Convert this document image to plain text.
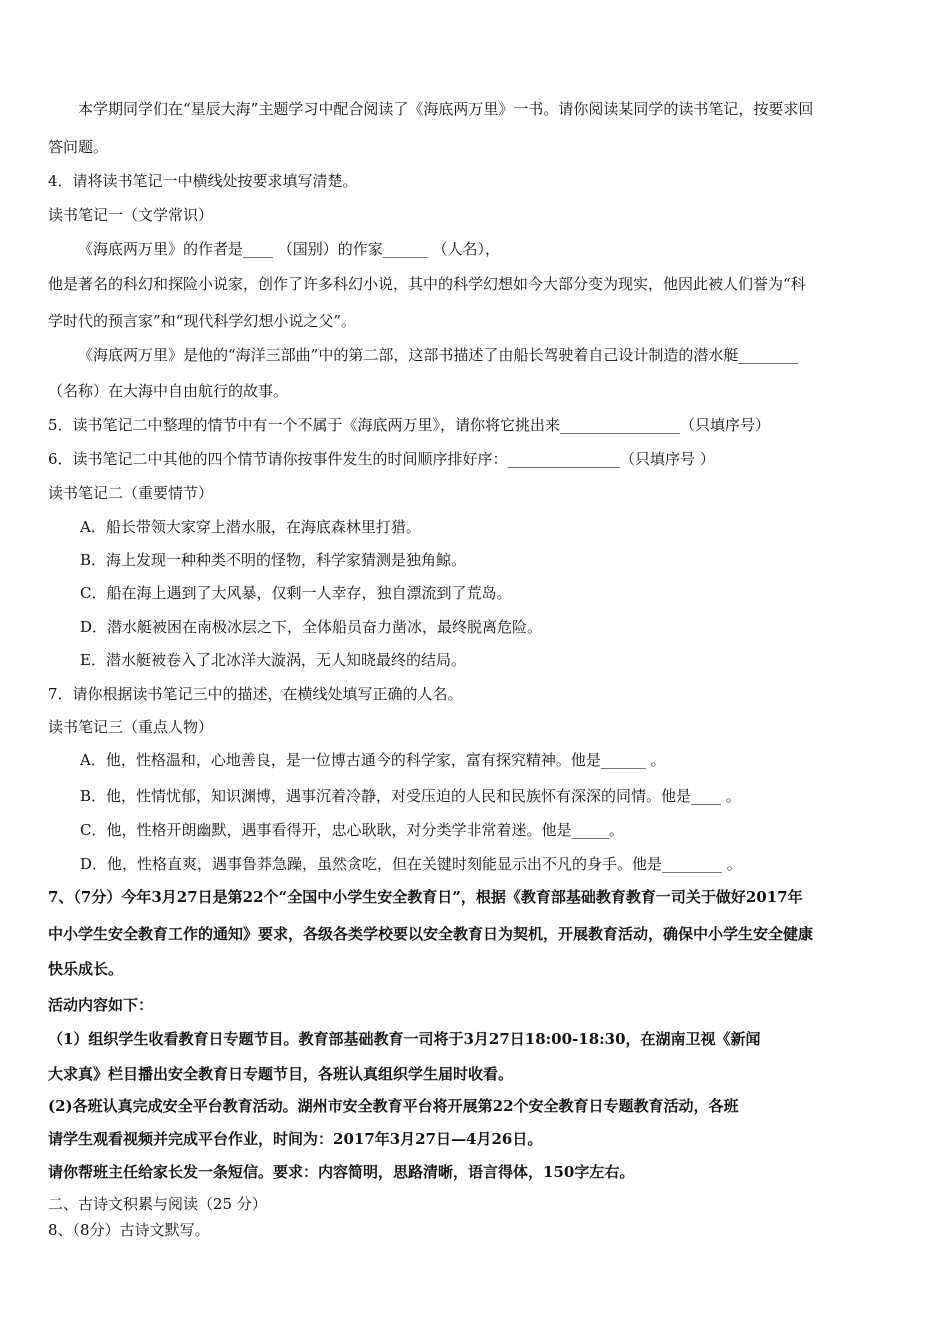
本学期同学们在“星辰大海”主题学习中配合阅读了《海底两万里》一书。请你阅读某同学的读书笔记，按要求回
答问题。
4．请将读书笔记一中横线处按要求填写清楚。
读书笔记一（文学常识）
《海底两万里》的作者是____ （国别）的作家______ （人名），
他是著名的科幻和探险小说家，创作了许多科幻小说，其中的科学幻想如今大部分变为现实，他因此被人们誉为“科
学时代的预言家”和“现代科学幻想小说之父”。
《海底两万里》是他的“海洋三部曲”中的第二部，这部书描述了由船长驾驶着自己设计制造的潜水艇________
（名称）在大海中自由航行的故事。
5．读书笔记二中整理的情节中有一个不属于《海底两万里》，请你将它挑出来________________（只填序号）
6．读书笔记二中其他的四个情节请你按事件发生的时间顺序排好序：_______________（只填序号 ）
读书笔记二（重要情节）
A．船长带领大家穿上潜水服，在海底森林里打猎。
B．海上发现一种种类不明的怪物，科学家猜测是独角鲸。
C．船在海上遇到了大风暴，仅剩一人幸存，独自漂流到了荒岛。
D．潜水艇被困在南极冰层之下，全体船员奋力凿冰，最终脱离危险。
E．潜水艇被卷入了北冰洋大漩涡，无人知晓最终的结局。
7．请你根据读书笔记三中的描述，在横线处填写正确的人名。
读书笔记三（重点人物）
A．他，性格温和，心地善良，是一位博古通今的科学家，富有探究精神。他是______ 。
B．他，性情忧郁，知识渊博，遇事沉着冷静，对受压迫的人民和民族怀有深深的同情。他是____ 。
C．他，性格开朗幽默，遇事看得开，忠心耿耿，对分类学非常着迷。他是_____。
D．他，性格直爽，遇事鲁莽急躁，虽然贪吃，但在关键时刻能显示出不凡的身手。他是________ 。
7、（7分）今年3月27日是第22个“全国中小学生安全教育日”，根据《教育部基础教育教育一司关于做好2017年
中小学生安全教育工作的通知》要求，各级各类学校要以安全教育日为契机，开展教育活动，确保中小学生安全健康
快乐成长。
活动内容如下：
（1）组织学生收看教育日专题节目。教育部基础教育一司将于3月27日18:00-18:30，在湖南卫视《新闻
大求真》栏目播出安全教育日专题节目，各班认真组织学生届时收看。
(2)各班认真完成安全平台教育活动。湖州市安全教育平台将开展第22个安全教育日专题教育活动，各班
请学生观看视频并完成平台作业，时间为：2017年3月27日—4月26日。
请你帮班主任给家长发一条短信。要求：内容简明，思路清晰，语言得体，150字左右。
二、古诗文积累与阅读（25 分）
8、（8分）古诗文默写。
